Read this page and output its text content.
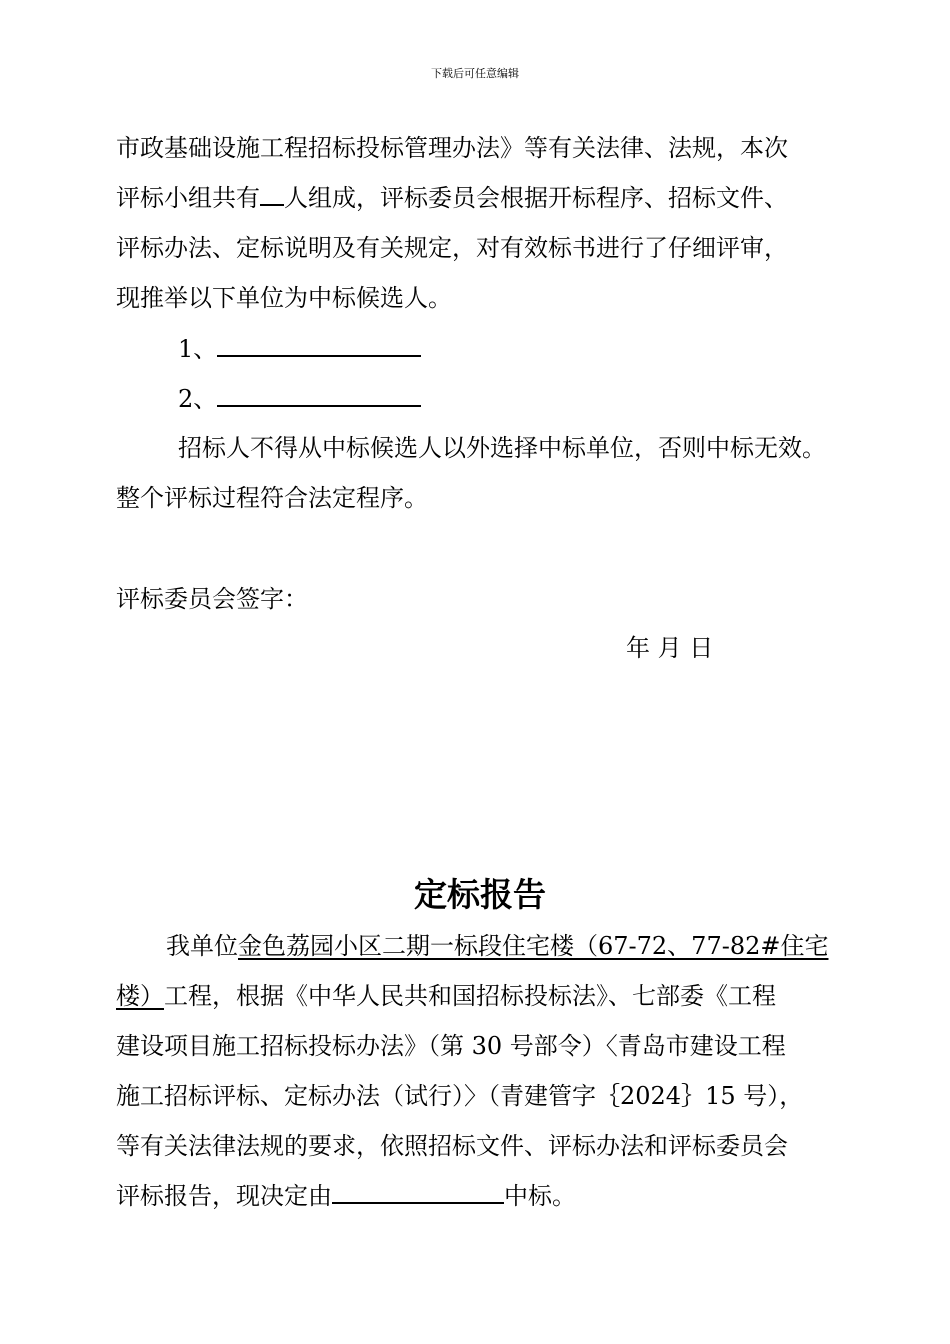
下载后可任意编辑
市政基础设施工程招标投标管理办法》等有关法律、法规，本次
评标小组共有 人组成，评标委员会根据开标程序、招标文件、
评标办法、定标说明及有关规定，对有效标书进行了仔细评审，
现推举以下单位为中标候选人。
1、
2、
招标人不得从中标候选人以外选择中标单位，否则中标无效。
整个评标过程符合法定程序。
评标委员会签字：
年 月 日
定标报告
我单位金色荔园小区二期一标段住宅楼（67-72、77-82#住宅
楼）工程，根据《中华人民共和国招标投标法》、七部委《工程
建设项目施工招标投标办法》（第 30 号部令）〈青岛市建设工程
施工招标评标、定标办法（试行）〉（青建管字｛2024｝15 号），
等有关法律法规的要求，依照招标文件、评标办法和评标委员会
评标报告，现决定由	中标。
